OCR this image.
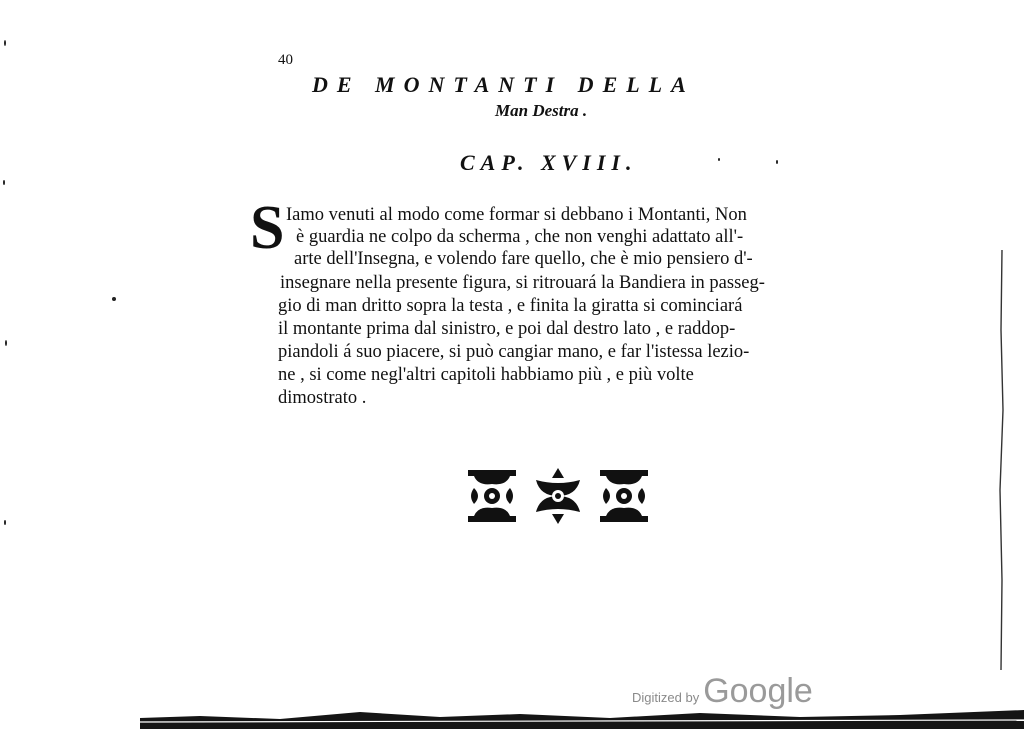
40
DE MONTANTI DELLA
Man Destra .
CAP. XVIII.
S Iamo venuti al modo come formar si debbano i Montanti, Non
è guardia ne colpo da scherma , che non venghi adattato all'-
arte dell'Insegna, e volendo fare quello, che è mio pensiero d'-
insegnare nella presente figura, si ritrouará la Bandiera in passeg-
gio di man dritto sopra la testa , e finita la giratta si cominciará
il montante prima dal sinistro, e poi dal destro lato , e raddop-
piandoli á suo piacere, si può cangiar mano, e far l'istessa lezio-
ne , si come negl'altri capitoli habbiamo più , e più volte
dimostrato .
Digitized by Google
